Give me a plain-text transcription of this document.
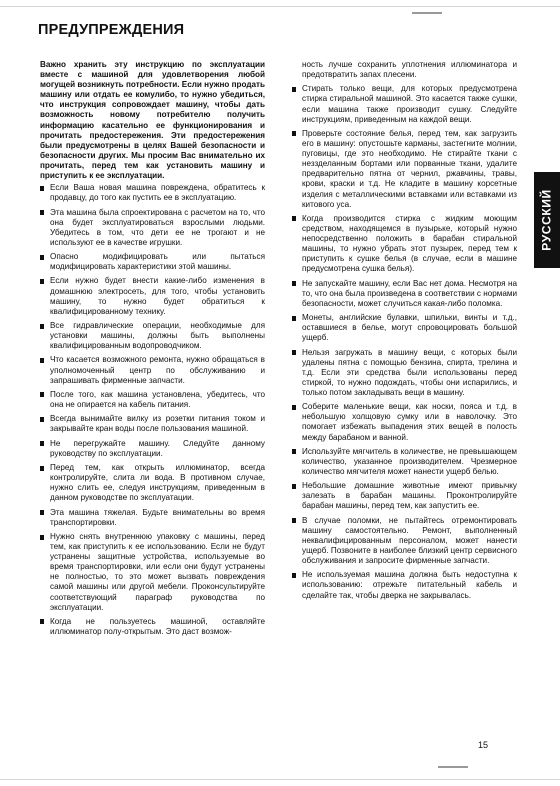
ПРЕДУПРЕЖДЕНИЯ

Важно хранить эту инструкцию по эксплуатации вместе с машиной для удовлетворения любой могущей возникнуть потребности. Если нужно продать машину или отдать ее комулибо, то нужно убедиться, что инструкция сопровождает машину, чтобы дать возможность новому потребителю получить информацию касательно ее функционирования и прочитать предостережения. Эти предостережения были предусмотрены в целях Вашей безопасности и безопасности других. Мы просим Вас внимательно их прочитать, перед тем как установить машину и приступить к ее эксплуатации.

Если Ваша новая машина повреждена, обратитесь к продавцу, до того как пустить ее в эксплуатацию.
Эта машина была спроектирована с расчетом на то, что она будет эксплуатироваться взрослыми людьми. Убедитесь в том, что дети ее не трогают и не используют ее в качестве игрушки.
Опасно модифицировать или пытаться модифицировать характеристики этой машины.
Если нужно будет внести какие-либо изменения в домашнюю электросеть, для того, чтобы установить машину, то нужно будет обратиться к квалифицированному технику.
Все гидравлические операции, необходимые для установки машины, должны быть выполнены квалифицированным водопроводчиком.
Что касается возможного ремонта, нужно обращаться в уполномоченный центр по обслуживанию и запрашивать фирменные запчасти.
После того, как машина установлена, убедитесь, что она не опирается на кабель питания.
Всегда вынимайте вилку из розетки питания током и закрывайте кран воды после пользования машиной.
Не перегружайте машину. Следуйте данному руководству по эксплуатации.
Перед тем, как открыть иллюминатор, всегда контролируйте, слита ли вода. В противном случае, нужно слить ее, следуя инструкциям, приведенным в данном руководстве по эксплуатации.
Эта машина тяжелая. Будьте внимательны во время транспортировки.
Нужно снять внутреннюю упаковку с машины, перед тем, как приступить к ее использованию. Если не будут устранены защитные устройства, используемые во время транспортировки, или если они будут устранены не полностью, то это может вызвать повреждения самой машины или другой мебели. Проконсультируйте соответствующий параграф руководства по эксплуатации.
Когда не пользуетесь машиной, оставляйте иллюминатор полу-открытым. Это даст возмож-

ность лучше сохранить уплотнения иллюминатора и предотвратить запах плесени.

Стирать только вещи, для которых предусмотрена стирка стиральной машиной. Это касается также сушки, если машина также производит сушку. Следуйте инструкциям, приведенным на каждой вещи.
Проверьте состояние белья, перед тем, как загрузить его в машину: опустошьте карманы, застегните молнии, пуговицы, где это необходимо. Не стирайте ткани с неззделанным бортами или порванные ткани, удалите предварительно пятна от чернил, ржавчины, травы, крови, краски и т.д. Не кладите в машину корсетные изделия с металлическими вставками или вставками из китового уса.
Когда производится стирка с жидким моющим средством, находящемся в пузырьке, который нужно непосредственно положить в барабан стиральной машины, то нужно убрать этот пузырек, перед тем к приступить к сушке белья (в случае, если в машине предусмотрена сушка белья).
Не запускайте машину, если Вас нет дома. Несмотря на то, что она была произведена в соответствии с нормами безопасности, может случиться какая-либо поломка.
Монеты, английские булавки, шпильки, винты и т.д., оставшиеся в белье, могут спровоцировать большой ущерб.
Нельзя загружать в машину вещи, с которых были удалены пятна с помощью бензина, спирта, трелина и т.д. Если эти средства были использованы перед стиркой, то нужно подождать, чтобы они испарились, и только потом закладывать вещи в машину.
Соберите маленькие вещи, как носки, пояса и т.д. в небольшую холщовую сумку или в наволочку. Это помогает избежать выпадения этих вещей в полость между барабаном и ванной.
Используйте мягчитель в количестве, не превышающем количество, указанное производителем. Чрезмерное количество мягчителя может нанести ущерб белью.
Небольшие домашние животные имеют привычку залезать в барабан машины. Проконтролируйте барабан машины, перед тем, как запустить ее.
В случае поломки, не пытайтесь отремонтировать машину самостоятельно. Ремонт, выполненный неквалифицированным персоналом, может нанести ущерб. Позвоните в наиболее близкий центр сервисного обслуживания и запросите фирменные запчасти.
Не используемая машина должна быть недоступна к использованию: отрежьте питательный кабель и сделайте так, чтобы дверка не закрывалась.
РУССКИЙ
15
